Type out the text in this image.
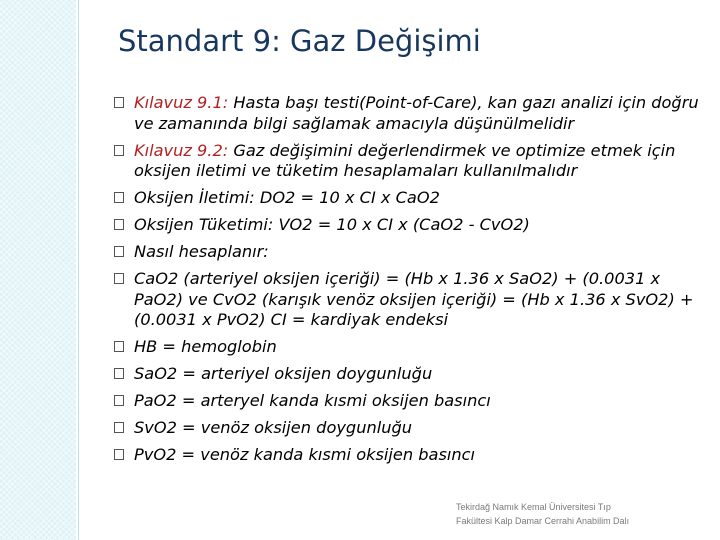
Standart 9: Gaz Değişimi
Kılavuz 9.1: Hasta başı testi(Point-of-Care), kan gazı analizi için doğru ve zamanında bilgi sağlamak amacıyla düşünülmelidir
Kılavuz 9.2: Gaz değişimini değerlendirmek ve optimize etmek için oksijen iletimi ve tüketim hesaplamaları kullanılmalıdır
Oksijen İletimi: DO2 = 10 x CI x CaO2
Oksijen Tüketimi: VO2 = 10 x CI x (CaO2 - CvO2)
Nasıl hesaplanır:
CaO2 (arteriyel oksijen içeriği) = (Hb x 1.36 x SaO2) + (0.0031 x PaO2) ve CvO2 (karışık venöz oksijen içeriği) = (Hb x 1.36 x SvO2) + (0.0031 x PvO2) CI = kardiyak endeksi
HB = hemoglobin
SaO2 = arteriyel oksijen doygunluğu
PaO2 = arteryel kanda kısmi oksijen basıncı
SvO2 = venöz oksijen doygunluğu
PvO2 = venöz kanda kısmi oksijen basıncı
Tekirdağ Namık Kemal Üniversitesi Tıp
Fakültesi Kalp Damar Cerrahi Anabilim Dalı
